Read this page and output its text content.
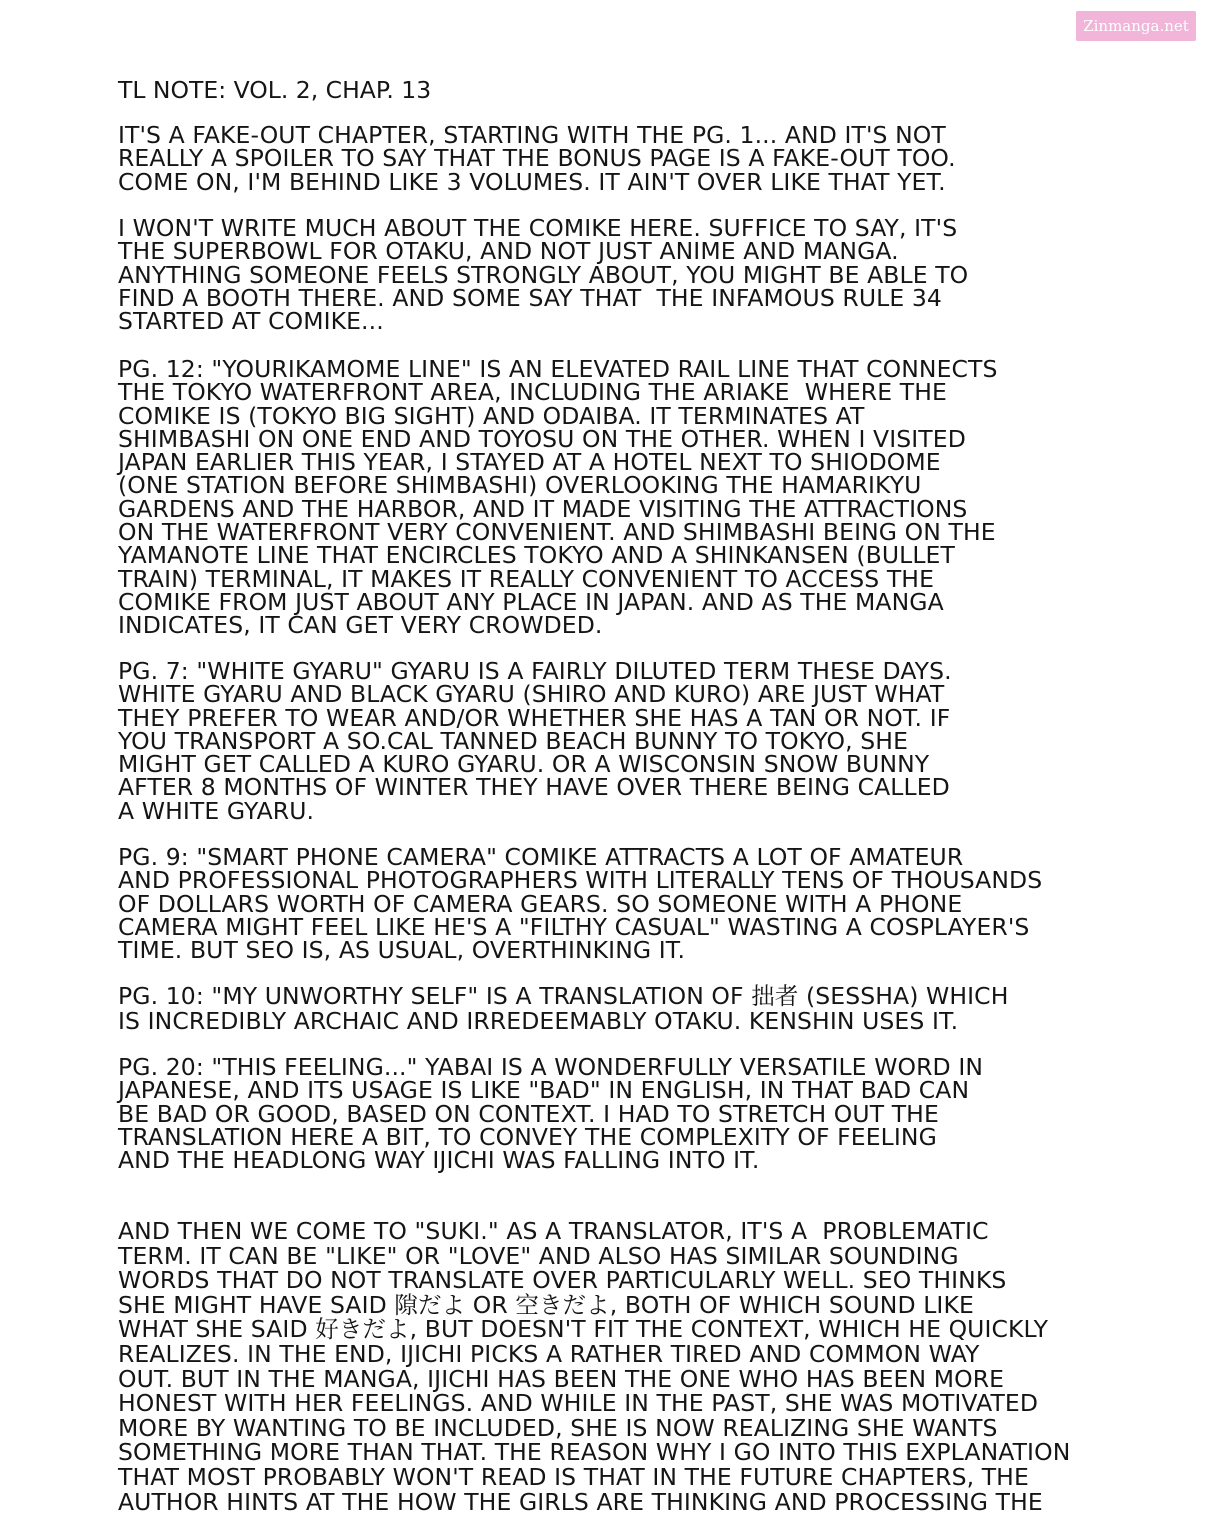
Zinmanga.net
TL NOTE: VOL. 2, CHAP. 13

IT'S A FAKE-OUT CHAPTER, STARTING WITH THE PG. 1... AND IT'S NOT
REALLY A SPOILER TO SAY THAT THE BONUS PAGE IS A FAKE-OUT TOO.
COME ON, I'M BEHIND LIKE 3 VOLUMES. IT AIN'T OVER LIKE THAT YET.

I WON'T WRITE MUCH ABOUT THE COMIKE HERE. SUFFICE TO SAY, IT'S
THE SUPERBOWL FOR OTAKU, AND NOT JUST ANIME AND MANGA.
ANYTHING SOMEONE FEELS STRONGLY ABOUT, YOU MIGHT BE ABLE TO
FIND A BOOTH THERE. AND SOME SAY THAT  THE INFAMOUS RULE 34
STARTED AT COMIKE...

PG. 12: "YOURIKAMOME LINE" IS AN ELEVATED RAIL LINE THAT CONNECTS
THE TOKYO WATERFRONT AREA, INCLUDING THE ARIAKE  WHERE THE
COMIKE IS (TOKYO BIG SIGHT) AND ODAIBA. IT TERMINATES AT
SHIMBASHI ON ONE END AND TOYOSU ON THE OTHER. WHEN I VISITED
JAPAN EARLIER THIS YEAR, I STAYED AT A HOTEL NEXT TO SHIODOME
(ONE STATION BEFORE SHIMBASHI) OVERLOOKING THE HAMARIKYU
GARDENS AND THE HARBOR, AND IT MADE VISITING THE ATTRACTIONS
ON THE WATERFRONT VERY CONVENIENT. AND SHIMBASHI BEING ON THE
YAMANOTE LINE THAT ENCIRCLES TOKYO AND A SHINKANSEN (BULLET
TRAIN) TERMINAL, IT MAKES IT REALLY CONVENIENT TO ACCESS THE
COMIKE FROM JUST ABOUT ANY PLACE IN JAPAN. AND AS THE MANGA
INDICATES, IT CAN GET VERY CROWDED.

PG. 7: "WHITE GYARU" GYARU IS A FAIRLY DILUTED TERM THESE DAYS.
WHITE GYARU AND BLACK GYARU (SHIRO AND KURO) ARE JUST WHAT
THEY PREFER TO WEAR AND/OR WHETHER SHE HAS A TAN OR NOT. IF
YOU TRANSPORT A SO.CAL TANNED BEACH BUNNY TO TOKYO, SHE
MIGHT GET CALLED A KURO GYARU. OR A WISCONSIN SNOW BUNNY
AFTER 8 MONTHS OF WINTER THEY HAVE OVER THERE BEING CALLED
A WHITE GYARU.

PG. 9: "SMART PHONE CAMERA" COMIKE ATTRACTS A LOT OF AMATEUR
AND PROFESSIONAL PHOTOGRAPHERS WITH LITERALLY TENS OF THOUSANDS
OF DOLLARS WORTH OF CAMERA GEARS. SO SOMEONE WITH A PHONE
CAMERA MIGHT FEEL LIKE HE'S A "FILTHY CASUAL" WASTING A COSPLAYER'S
TIME. BUT SEO IS, AS USUAL, OVERTHINKING IT.

PG. 10: "MY UNWORTHY SELF" IS A TRANSLATION OF 拙者 (SESSHA) WHICH
IS INCREDIBLY ARCHAIC AND IRREDEEMABLY OTAKU. KENSHIN USES IT.

PG. 20: "THIS FEELING..." YABAI IS A WONDERFULLY VERSATILE WORD IN
JAPANESE, AND ITS USAGE IS LIKE "BAD" IN ENGLISH, IN THAT BAD CAN
BE BAD OR GOOD, BASED ON CONTEXT. I HAD TO STRETCH OUT THE
TRANSLATION HERE A BIT, TO CONVEY THE COMPLEXITY OF FEELING
AND THE HEADLONG WAY IJICHI WAS FALLING INTO IT.

AND THEN WE COME TO "SUKI." AS A TRANSLATOR, IT'S A  PROBLEMATIC
TERM. IT CAN BE "LIKE" OR "LOVE" AND ALSO HAS SIMILAR SOUNDING
WORDS THAT DO NOT TRANSLATE OVER PARTICULARLY WELL. SEO THINKS
SHE MIGHT HAVE SAID 隙だよ OR 空きだよ, BOTH OF WHICH SOUND LIKE
WHAT SHE SAID 好きだよ, BUT DOESN'T FIT THE CONTEXT, WHICH HE QUICKLY
REALIZES. IN THE END, IJICHI PICKS A RATHER TIRED AND COMMON WAY
OUT. BUT IN THE MANGA, IJICHI HAS BEEN THE ONE WHO HAS BEEN MORE
HONEST WITH HER FEELINGS. AND WHILE IN THE PAST, SHE WAS MOTIVATED
MORE BY WANTING TO BE INCLUDED, SHE IS NOW REALIZING SHE WANTS
SOMETHING MORE THAN THAT. THE REASON WHY I GO INTO THIS EXPLANATION
THAT MOST PROBABLY WON'T READ IS THAT IN THE FUTURE CHAPTERS, THE
AUTHOR HINTS AT THE HOW THE GIRLS ARE THINKING AND PROCESSING THE
